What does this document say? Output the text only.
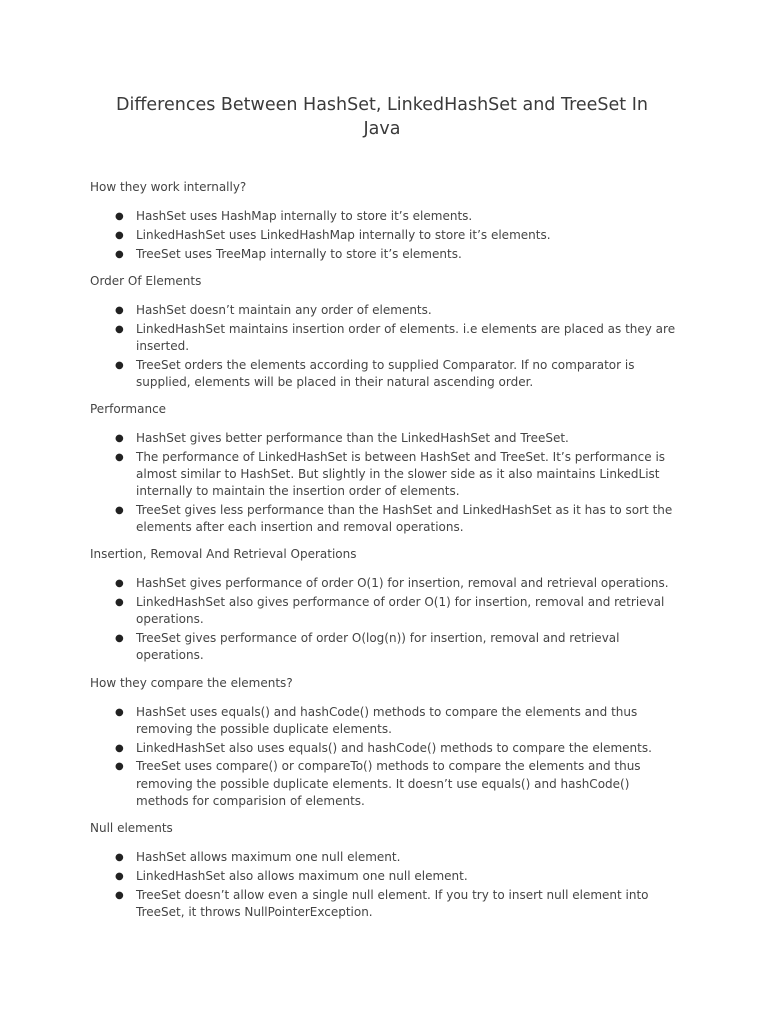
Differences Between HashSet, LinkedHashSet and TreeSet In Java

How they work internally?

● HashSet uses HashMap internally to store it’s elements.
● LinkedHashSet uses LinkedHashMap internally to store it’s elements.
● TreeSet uses TreeMap internally to store it’s elements.

Order Of Elements

● HashSet doesn’t maintain any order of elements.
● LinkedHashSet maintains insertion order of elements. i.e elements are placed as they are inserted.
● TreeSet orders the elements according to supplied Comparator. If no comparator is supplied, elements will be placed in their natural ascending order.

Performance

● HashSet gives better performance than the LinkedHashSet and TreeSet.
● The performance of LinkedHashSet is between HashSet and TreeSet. It’s performance is almost similar to HashSet. But slightly in the slower side as it also maintains LinkedList internally to maintain the insertion order of elements.
● TreeSet gives less performance than the HashSet and LinkedHashSet as it has to sort the elements after each insertion and removal operations.

Insertion, Removal And Retrieval Operations

● HashSet gives performance of order O(1) for insertion, removal and retrieval operations.
● LinkedHashSet also gives performance of order O(1) for insertion, removal and retrieval operations.
● TreeSet gives performance of order O(log(n)) for insertion, removal and retrieval operations.

How they compare the elements?

● HashSet uses equals() and hashCode() methods to compare the elements and thus removing the possible duplicate elements.
● LinkedHashSet also uses equals() and hashCode() methods to compare the elements.
● TreeSet uses compare() or compareTo() methods to compare the elements and thus removing the possible duplicate elements. It doesn’t use equals() and hashCode() methods for comparision of elements.

Null elements

● HashSet allows maximum one null element.
● LinkedHashSet also allows maximum one null element.
● TreeSet doesn’t allow even a single null element. If you try to insert null element into TreeSet, it throws NullPointerException.
